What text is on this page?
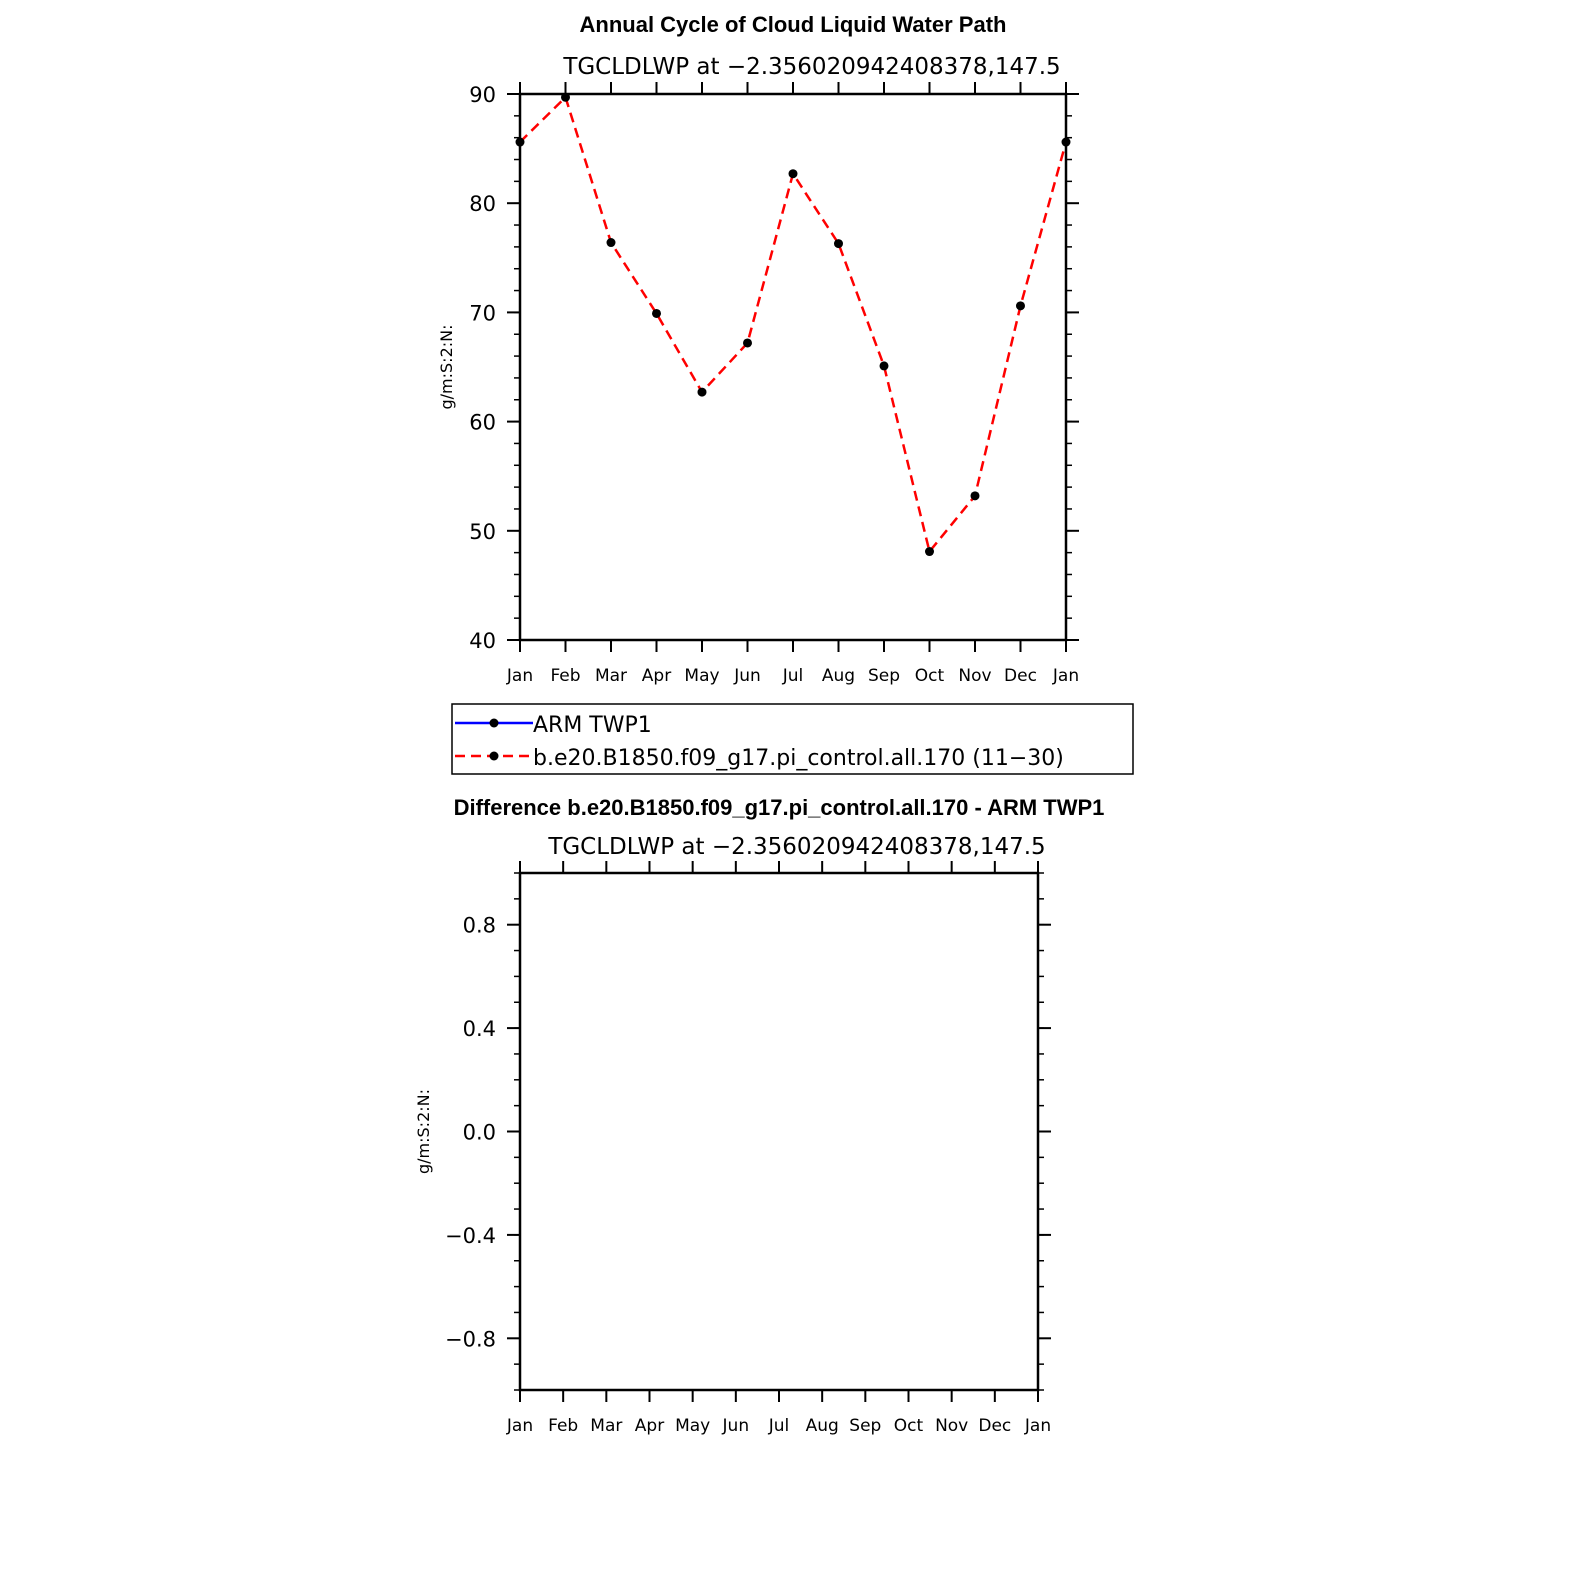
Annual Cycle of Cloud Liquid Water Path
TGCLDLWP at −2.356020942408378,147.5
g/m:S:2:N:
Jan Feb Mar Apr May Jun Jul Aug Sep Oct Nov Dec Jan
40
50
60
70
80
90
ARM TWP1
b.e20.B1850.f09_g17.pi_control.all.170 (11−30)
Difference b.e20.B1850.f09_g17.pi_control.all.170 - ARM TWP1
TGCLDLWP at −2.356020942408378,147.5
g/m:S:2:N:
Jan Feb Mar Apr May Jun Jul Aug Sep Oct Nov Dec Jan
0.8
0.4
0.0
−0.4
−0.8
